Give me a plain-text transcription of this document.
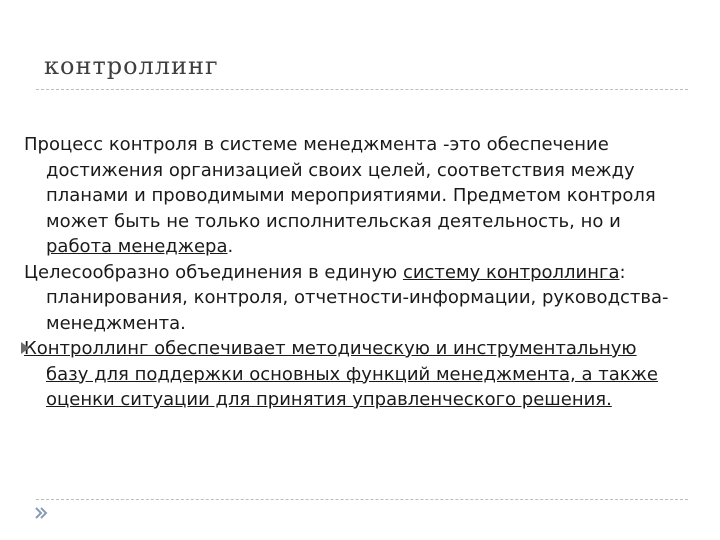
контроллинг

Процесс контроля в системе менеджмента -это обеспечение достижения организацией своих целей, соответствия между планами и проводимыми мероприятиями. Предметом контроля может быть не только исполнительская деятельность, но и работа менеджера.

Целесообразно объединения в единую систему контроллинга: планирования, контроля, отчетности-информации, руководства- менеджмента.

Контроллинг обеспечивает методическую и инструментальную базу для поддержки основных функций менеджмента, а также оценки ситуации для принятия управленческого решения.
